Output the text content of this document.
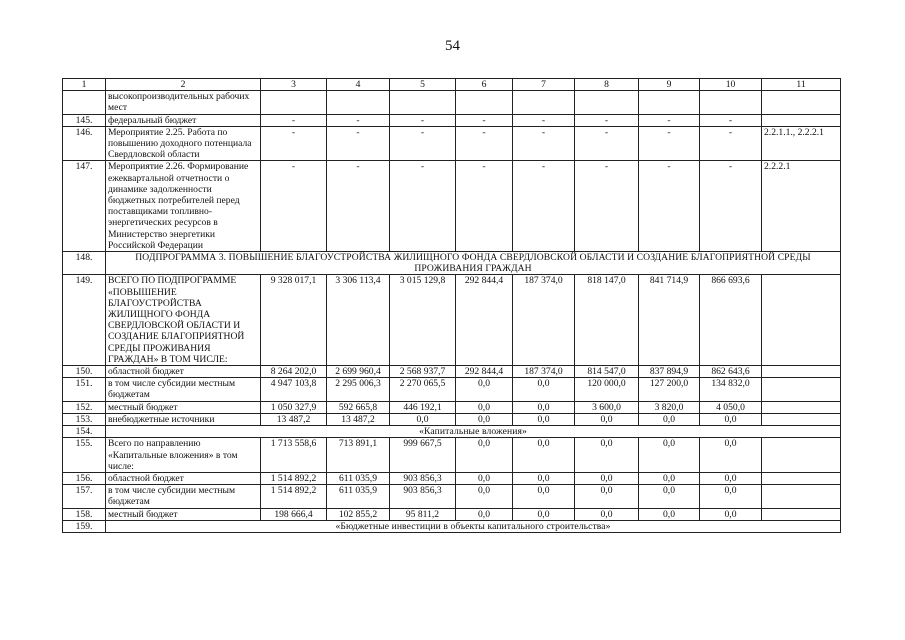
54
1	2	3	4	5	6	7	8	9	10	11
	высокопроизводительных рабочих мест									
145.	федеральный бюджет	-	-	-	-	-	-	-	-	
146.	Мероприятие 2.25. Работа по повышению доходного потенциала Свердловской области	-	-	-	-	-	-	-	-	2.2.1.1., 2.2.2.1
147.	Мероприятие 2.26. Формирование ежеквартальной отчетности о динамике задолженности бюджетных потребителей перед поставщиками топливно-энергетических ресурсов в Министерство энергетики Российской Федерации	-	-	-	-	-	-	-	-	2.2.2.1
148.	ПОДПРОГРАММА 3. ПОВЫШЕНИЕ БЛАГОУСТРОЙСТВА ЖИЛИЩНОГО ФОНДА СВЕРДЛОВСКОЙ ОБЛАСТИ И СОЗДАНИЕ БЛАГОПРИЯТНОЙ СРЕДЫ ПРОЖИВАНИЯ ГРАЖДАН									
149.	ВСЕГО ПО ПОДПРОГРАММЕ «ПОВЫШЕНИЕ БЛАГОУСТРОЙСТВА ЖИЛИЩНОГО ФОНДА СВЕРДЛОВСКОЙ ОБЛАСТИ И СОЗДАНИЕ БЛАГОПРИЯТНОЙ СРЕДЫ ПРОЖИВАНИЯ ГРАЖДАН» В ТОМ ЧИСЛЕ:	9 328 017,1	3 306 113,4	3 015 129,8	292 844,4	187 374,0	818 147,0	841 714,9	866 693,6	
150.	областной бюджет	8 264 202,0	2 699 960,4	2 568 937,7	292 844,4	187 374,0	814 547,0	837 894,9	862 643,6	
151.	в том числе субсидии местным бюджетам	4 947 103,8	2 295 006,3	2 270 065,5	0,0	0,0	120 000,0	127 200,0	134 832,0	
152.	местный бюджет	1 050 327,9	592 665,8	446 192,1	0,0	0,0	3 600,0	3 820,0	4 050,0	
153.	внебюджетные источники	13 487,2	13 487,2	0,0	0,0	0,0	0,0	0,0	0,0	
154.	«Капитальные вложения»									
155.	Всего по направлению «Капитальные вложения» в том числе:	1 713 558,6	713 891,1	999 667,5	0,0	0,0	0,0	0,0	0,0	
156.	областной бюджет	1 514 892,2	611 035,9	903 856,3	0,0	0,0	0,0	0,0	0,0	
157.	в том числе субсидии местным бюджетам	1 514 892,2	611 035,9	903 856,3	0,0	0,0	0,0	0,0	0,0	
158.	местный бюджет	198 666,4	102 855,2	95 811,2	0,0	0,0	0,0	0,0	0,0	
159.	«Бюджетные инвестиции в объекты капитального строительства»									
